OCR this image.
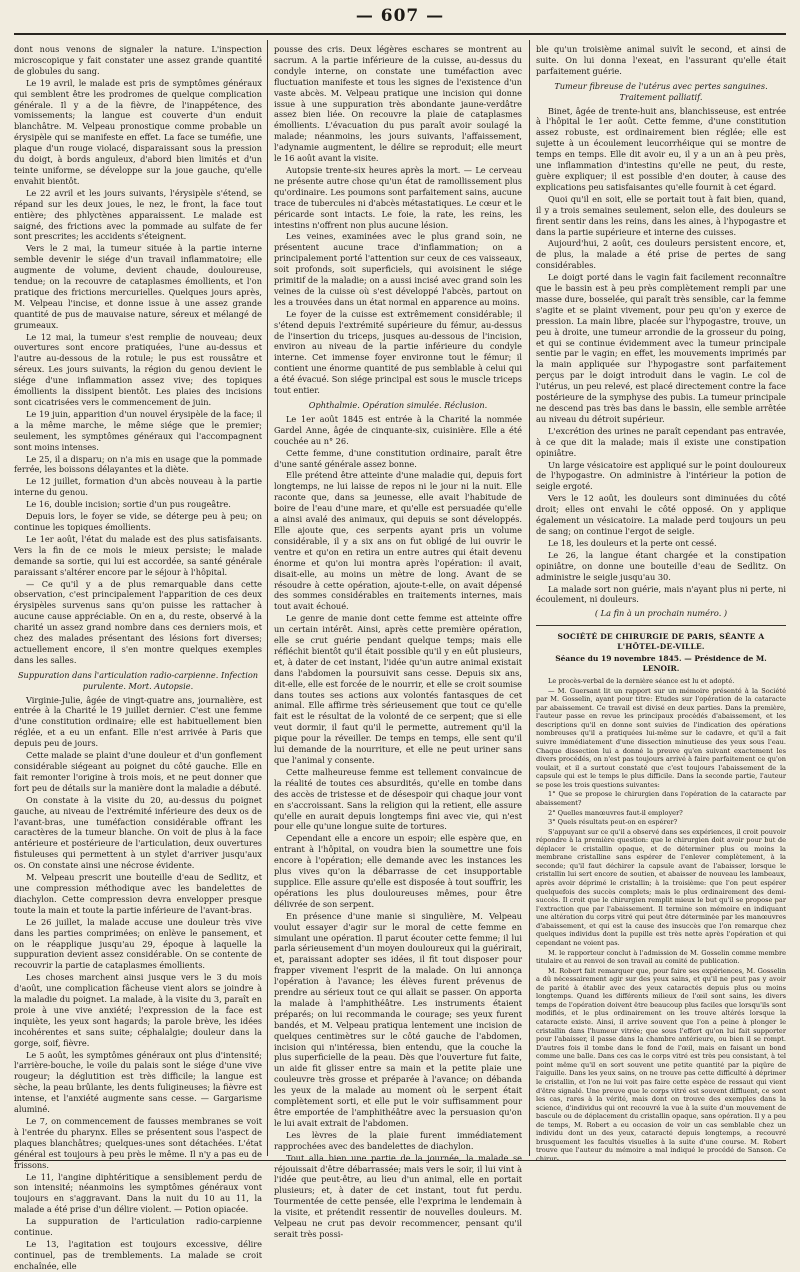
— 607 —

dont nous venons de signaler la nature. L'inspection microscopique y fait constater une assez grande quantité de globules du sang.

Le 19 avril, le malade est pris de symptômes généraux qui semblent être les prodromes de quelque complication générale. Il y a de la fièvre, de l'inappétence, des vomissements; la langue est couverte d'un enduit blanchâtre. M. Velpeau pronostique comme probable un érysipèle qui se manifeste en effet. La face se tuméfie, une plaque d'un rouge violacé, disparaissant sous la pression du doigt, à bords anguleux, d'abord bien limités et d'un teinte uniforme, se développe sur la joue gauche, qu'elle envahit bientôt.

Le 22 avril et les jours suivants, l'érysipèle s'étend, se répand sur les deux joues, le nez, le front, la face tout entière; des phlyctènes apparaissent. Le malade est saigné, des frictions avec la pommade au sulfate de fer sont prescrites; les accidents s'éteignent.

Vers le 2 mai, la tumeur située à la partie interne semble devenir le siége d'un travail inflammatoire; elle augmente de volume, devient chaude, douloureuse, tendue; on la recouvre de cataplasmes émollients, et l'on pratique des frictions mercurielles. Quelques jours après, M. Velpeau l'incise, et donne issue à une assez grande quantité de pus de mauvaise nature, séreux et mélangé de grumeaux.

Le 12 mai, la tumeur s'est remplie de nouveau; deux ouvertures sont encore pratiquées, l'une au-dessus et l'autre au-dessous de la rotule; le pus est roussâtre et séreux. Les jours suivants, la région du genou devient le siége d'une inflammation assez vive; des topiques émollients la dissipent bientôt. Les plaies des incisions sont cicatrisées vers le commencement de juin.

Le 19 juin, apparition d'un nouvel érysipèle de la face; il a la même marche, le même siége que le premier; seulement, les symptômes généraux qui l'accompagnent sont moins intenses.

Le 25, il a disparu; on n'a mis en usage que la pommade ferrée, les boissons délayantes et la diète.

Le 12 juillet, formation d'un abcès nouveau à la partie interne du genou.

Le 16, double incision; sortie d'un pus rougeâtre.

Depuis lors, le foyer se vide, se déterge peu à peu; on continue les topiques émollients.

Le 1er août, l'état du malade est des plus satisfaisants. Vers la fin de ce mois le mieux persiste; le malade demande sa sortie, qui lui est accordée, sa santé générale paraissant s'altérer encore par le séjour à l'hôpital.

— Ce qu'il y a de plus remarquable dans cette observation, c'est principalement l'apparition de ces deux érysipèles survenus sans qu'on puisse les rattacher à aucune cause appréciable. On en a, du reste, observé à la charité un assez grand nombre dans ces derniers mois, et chez des malades présentant des lésions fort diverses; actuellement encore, il s'en montre quelques exemples dans les salles.

Suppuration dans l'articulation radio-carpienne. Infection purulente. Mort. Autopsie.

Virginie-Julie, âgée de vingt-quatre ans, journalière, est entrée à la Charité le 19 juillet dernier. C'est une femme d'une constitution ordinaire; elle est habituellement bien réglée, et a eu un enfant. Elle n'est arrivée à Paris que depuis peu de jours.

Cette malade se plaint d'une douleur et d'un gonflement considérable siégeant au poignet du côté gauche. Elle en fait remonter l'origine à trois mois, et ne peut donner que fort peu de détails sur la manière dont la maladie a débuté.

On constate à la visite du 20, au-dessus du poignet gauche, au niveau de l'extrémité inférieure des deux os de l'avant-bras, une tuméfaction considérable offrant les caractères de la tumeur blanche. On voit de plus à la face antérieure et postérieure de l'articulation, deux ouvertures fistuleuses qui permettent à un stylet d'arriver jusqu'aux os. On constate ainsi une nécrose évidente.

M. Velpeau prescrit une bouteille d'eau de Sedlitz, et une compression méthodique avec les bandelettes de diachylon. Cette compression devra envelopper presque toute la main et toute la partie inférieure de l'avant-bras.

Le 26 juillet, la malade accuse une douleur très vive dans les parties comprimées; on enlève le pansement, et on le réapplique jusqu'au 29, époque à laquelle la suppuration devient assez considérable. On se contente de recouvrir la partie de cataplasmes émollients.

Les choses marchent ainsi jusque vers le 3 du mois d'août, une complication fâcheuse vient alors se joindre à la maladie du poignet. La malade, à la visite du 3, paraît en proie à une vive anxiété; l'expression de la face est inquiète, les yeux sont hagards; la parole brève, les idées incohérentes et sans suite; céphalalgie; douleur dans la gorge, soif, fièvre.

Le 5 août, les symptômes généraux ont plus d'intensité; l'arrière-bouche, le voile du palais sont le siége d'une vive rougeur; la déglutition est très difficile; la langue est sèche, la peau brûlante, les dents fuligineuses; la fièvre est intense, et l'anxiété augmente sans cesse. — Gargarisme aluminé.

Le 7, on commencement de fausses membranes se voit à l'entrée du pharynx. Elles se présentent sous l'aspect de plaques blanchâtres; quelques-unes sont détachées. L'état général est toujours à peu près le même. Il n'y a pas eu de frissons.

Le 11, l'angine diphtéritique a sensiblement perdu de son intensité; néanmoins les symptômes généraux vont toujours en s'aggravant. Dans la nuit du 10 au 11, la malade a été prise d'un délire violent. — Potion opiacée.

La suppuration de l'articulation radio-carpienne continue.

Le 13, l'agitation est toujours excessive, délire continuel, pas de tremblements. La malade se croit enchaînée, elle

pousse des cris. Deux légères eschares se montrent au sacrum. A la partie inférieure de la cuisse, au-dessus du condyle interne, on constate une tuméfaction avec fluctuation manifeste et tous les signes de l'existence d'un vaste abcès. M. Velpeau pratique une incision qui donne issue à une suppuration très abondante jaune-verdâtre assez bien liée. On recouvre la plaie de cataplasmes émollients. L'évacuation du pus paraît avoir soulagé la malade; néanmoins, les jours suivants, l'affaissement, l'adynamie augmentent, le délire se reproduit; elle meurt le 16 août avant la visite.

Autopsie trente-six heures après la mort. — Le cerveau ne présente autre chose qu'un état de ramollissement plus qu'ordinaire. Les poumons sont parfaitement sains, aucune trace de tubercules ni d'abcès métastatiques. Le cœur et le péricarde sont intacts. Le foie, la rate, les reins, les intestins n'offrent non plus aucune lésion.

Les veines, examinées avec le plus grand soin, ne présentent aucune trace d'inflammation; on a principalement porté l'attention sur ceux de ces vaisseaux, soit profonds, soit superficiels, qui avoisinent le siége primitif de la maladie; on a aussi incisé avec grand soin les veines de la cuisse où s'est développé l'abcès, partout on les a trouvées dans un état normal en apparence au moins.

Le foyer de la cuisse est extrêmement considérable; il s'étend depuis l'extrémité supérieure du fémur, au-dessus de l'insertion du triceps, jusques au-dessous de l'incision, environ au niveau de la partie inférieure du condyle interne. Cet immense foyer environne tout le fémur; il contient une énorme quantité de pus semblable à celui qui a été évacué. Son siége principal est sous le muscle triceps tout entier.

Ophthalmie. Opération simulée. Réclusion.

Le 1er août 1845 est entrée à la Charité la nommée Gardel Anne, âgée de cinquante-six, cuisinière. Elle a été couchée au n° 26.

Cette femme, d'une constitution ordinaire, paraît être d'une santé générale assez bonne.

Elle prétend être atteinte d'une maladie qui, depuis fort longtemps, ne lui laisse de repos ni le jour ni la nuit. Elle raconte que, dans sa jeunesse, elle avait l'habitude de boire de l'eau d'une mare, et qu'elle est persuadée qu'elle a ainsi avalé des animaux, qui depuis se sont développés. Elle ajoute que, ces serpents ayant pris un volume considérable, il y a six ans on fut obligé de lui ouvrir le ventre et qu'on en retira un entre autres qui était devenu énorme et qu'on lui montra après l'opération: il avait, disait-elle, au moins un mètre de long. Avant de se résoudre à cette opération, ajoute-t-elle, on avait dépensé des sommes considérables en traitements internes, mais tout avait échoué.

Le genre de manie dont cette femme est atteinte offre un certain intérêt. Ainsi, après cette première opération, elle se crut guérie pendant quelque temps; mais elle réfléchit bientôt qu'il était possible qu'il y en eût plusieurs, et, à dater de cet instant, l'idée qu'un autre animal existait dans l'abdomen la poursuivit sans cesse. Depuis six ans, dit-elle, elle est forcée de le nourrir, et elle se croit soumise dans toutes ses actions aux volontés fantasques de cet animal. Elle affirme très sérieusement que tout ce qu'elle fait est le résultat de la volonté de ce serpent; que si elle veut dormir, il faut qu'il le permette, autrement qu'il la pique pour la réveiller. De temps en temps, elle sent qu'il lui demande de la nourriture, et elle ne peut uriner sans que l'animal y consente.

Cette malheureuse femme est tellement convaincue de la réalité de toutes ces absurdités, qu'elle en tombe dans des accès de tristesse et de désespoir qui chaque jour vont en s'accroissant. Sans la religion qui la retient, elle assure qu'elle en aurait depuis longtemps fini avec vie, qui n'est pour elle qu'une longue suite de tortures.

Cependant elle a encore un espoir; elle espère que, en entrant à l'hôpital, on voudra bien la soumettre une fois encore à l'opération; elle demande avec les instances les plus vives qu'on la débarrasse de cet insupportable supplice. Elle assure qu'elle est disposée à tout souffrir, les opérations les plus douloureuses mêmes, pour être délivrée de son serpent.

En présence d'une manie si singulière, M. Velpeau voulut essayer d'agir sur le moral de cette femme en simulant une opération. Il parut écouter cette femme; il lui parla sérieusement d'un moyen douloureux qui la guérirait, et, paraissant adopter ses idées, il fit tout disposer pour frapper vivement l'esprit de la malade. On lui annonça l'opération à l'avance; les élèves furent prévenus de prendre au sérieux tout ce qui allait se passer. On apporta la malade à l'amphithéâtre. Les instruments étaient préparés; on lui recommanda le courage; ses yeux furent bandés, et M. Velpeau pratiqua lentement une incision de quelques centimètres sur le côté gauche de l'abdomen, incision qui n'intéressa, bien entendu, que la couche la plus superficielle de la peau. Dès que l'ouverture fut faite, un aide fit glisser entre sa main et la petite plaie une couleuvre très grosse et préparée à l'avance; on débanda les yeux de la malade au moment où le serpent était complètement sorti, et elle put le voir suffisamment pour être emportée de l'amphithéâtre avec la persuasion qu'on le lui avait extrait de l'abdomen.

Les lèvres de la plaie furent immédiatement rapprochées avec des bandelettes de diachylon.

Tout alla bien une partie de la journée, la malade se réjouissait d'être débarrassée; mais vers le soir, il lui vint à l'idée que peut-être, au lieu d'un animal, elle en portait plusieurs; et, à dater de cet instant, tout fut perdu. Tourmentée de cette pensée, elle l'exprima le lendemain à la visite, et prétendit ressentir de nouvelles douleurs. M. Velpeau ne crut pas devoir recommencer, pensant qu'il serait très possi-

ble qu'un troisième animal suivît le second, et ainsi de suite. On lui donna l'exeat, en l'assurant qu'elle était parfaitement guérie.

Tumeur fibreuse de l'utérus avec pertes sanguines. Traitement palliatif.

Binet, âgée de trente-huit ans, blanchisseuse, est entrée à l'hôpital le 1er août. Cette femme, d'une constitution assez robuste, est ordinairement bien réglée; elle est sujette à un écoulement leucorrhéique qui se montre de temps en temps. Elle dit avoir eu, il y a un an à peu près, une inflammation d'intestins qu'elle ne peut, du reste, guère expliquer; il est possible d'en douter, à cause des explications peu satisfaisantes qu'elle fournit à cet égard.

Quoi qu'il en soit, elle se portait tout à fait bien, quand, il y a trois semaines seulement, selon elle, des douleurs se firent sentir dans les reins, dans les aines, à l'hypogastre et dans la partie supérieure et interne des cuisses.

Aujourd'hui, 2 août, ces douleurs persistent encore, et, de plus, la malade a été prise de pertes de sang considérables.

Le doigt porté dans le vagin fait facilement reconnaître que le bassin est à peu près complètement rempli par une masse dure, bosselée, qui paraît très sensible, car la femme s'agite et se plaint vivement, pour peu qu'on y exerce de pression. La main libre, placée sur l'hypogastre, trouve, un peu à droite, une tumeur arrondie de la grosseur du poing, et qui se continue évidemment avec la tumeur principale sentie par le vagin; en effet, les mouvements imprimés par la main appliquée sur l'hypogastre sont parfaitement perçus par le doigt introduit dans le vagin. Le col de l'utérus, un peu relevé, est placé directement contre la face postérieure de la symphyse des pubis. La tumeur principale ne descend pas très bas dans le bassin, elle semble arrêtée au niveau du détroit supérieur.

L'excrétion des urines ne paraît cependant pas entravée, à ce que dit la malade; mais il existe une constipation opiniâtre.

Un large vésicatoire est appliqué sur le point douloureux de l'hypogastre. On administre à l'intérieur la potion de seigle ergoté.

Vers le 12 août, les douleurs sont diminuées du côté droit; elles ont envahi le côté opposé. On y applique également un vésicatoire. La malade perd toujours un peu de sang; on continue l'ergot de seigle.

Le 18, les douleurs et la perte ont cessé.

Le 26, la langue étant chargée et la constipation opiniâtre, on donne une bouteille d'eau de Sedlitz. On administre le seigle jusqu'au 30.

La malade sort non guérie, mais n'ayant plus ni perte, ni écoulement, ni douleurs.

( La fin à un prochain numéro. )

SOCIÉTÉ DE CHIRURGIE DE PARIS, SÉANTE A L'HÔTEL-DE-VILLE.

Séance du 19 novembre 1845. — Présidence de M. LENOIR.

Le procès-verbal de la dernière séance est lu et adopté.

— M. Guersant lit un rapport sur un mémoire présenté à la Société par M. Gosselin, ayant pour titre: Etudes sur l'opération de la cataracte par abaissement. Ce travail est divisé en deux parties. Dans la première, l'auteur passe en revue les principaux procédés d'abaissement, et les descriptions qu'il en donne sont suivies de l'indication des opérations nombreuses qu'il a pratiquées lui-même sur le cadavre, et qu'il a fait suivre immédiatement d'une dissection minutieuse des yeux sous l'eau. Chaque dissection lui a donné la preuve qu'en suivant exactement les divers procédés, on n'est pas toujours arrivé à faire parfaitement ce qu'on voulait, et il a surtout constaté que c'est toujours l'abaissement de la capsule qui est le temps le plus difficile. Dans la seconde partie, l'auteur se pose les trois questions suivantes:

1° Que se propose le chirurgien dans l'opération de la cataracte par abaissement?

2° Quelles manœuvres faut-il employer?

3° Quels résultats peut-on en espérer?

S'appuyant sur ce qu'il a observé dans ses expériences, il croit pouvoir répondre à la première question: que le chirurgien doit avoir pour but de déplacer le cristallin opaque, et de déterminer plus ou moins la membrane cristalline sans espérer de l'enlever complètement, à la seconde; qu'il faut déchirer la capsule avant de l'abaisser, lorsque le cristallin lui sert encore de soutien, et abaisser de nouveau les lambeaux, après avoir déprimé le cristallin; à la troisième: que l'on peut espérer quelquefois des succès complets; mais le plus ordinairement des demi-succès. Il croit que le chirurgien remplit mieux le but qu'il se propose par l'extraction que par l'abaissement. Il termine son mémoire en indiquant une altération du corps vitré qui peut être déterminée par les manœuvres d'abaissement, et qui est la cause des insuccès que l'on remarque chez quelques individus dont la pupille est très nette après l'opération et qui cependant ne voient pas.

M. le rapporteur conclut à l'admission de M. Gosselin comme membre titulaire et au renvoi de son travail au comité de publication.

M. Robert fait remarquer que, pour faire ses expériences, M. Gosselin a dû nécessairement agir sur des yeux sains, et qu'il ne peut pas y avoir de parité à établir avec des yeux cataractés depuis plus ou moins longtemps. Quand les différents milieux de l'œil sont sains, les divers temps de l'opération doivent être beaucoup plus faciles que lorsqu'ils sont modifiés, et le plus ordinairement on les trouve altérés lorsque la cataracte existe. Ainsi, il arrive souvent que l'on a peine à plonger le cristallin dans l'humeur vitrée; que sous l'effort qu'on lui fait supporter pour l'abaisser, il passe dans la chambre antérieure, ou bien il se rompt. D'autres fois il tombe dans le fond de l'œil, mais en faisant un bond comme une balle. Dans ces cas le corps vitré est très peu consistant, à tel point même qu'il en sort souvent une petite quantité par la piqûre de l'aiguille. Dans les yeux sains, on ne trouve pas cette difficulté à déprimer le cristallin, et l'on ne lui voit pas faire cette espèce de ressaut qui vient d'être signalé. Une preuve que le corps vitré est souvent diffluent, ce sont les cas, rares à la vérité, mais dont on trouve des exemples dans la science, d'individus qui ont recouvré la vue à la suite d'un mouvement de bascule ou de déplacement du cristallin opaque, sans opération. Il y a peu de temps, M. Robert a eu occasion de voir un cas semblable chez un individu dont un des yeux, cataracté depuis longtemps, a recouvré brusquement les facultés visuelles à la suite d'une course. M. Robert trouve que l'auteur du mémoire a mal indiqué le procédé de Sanson. Ce chirur-
